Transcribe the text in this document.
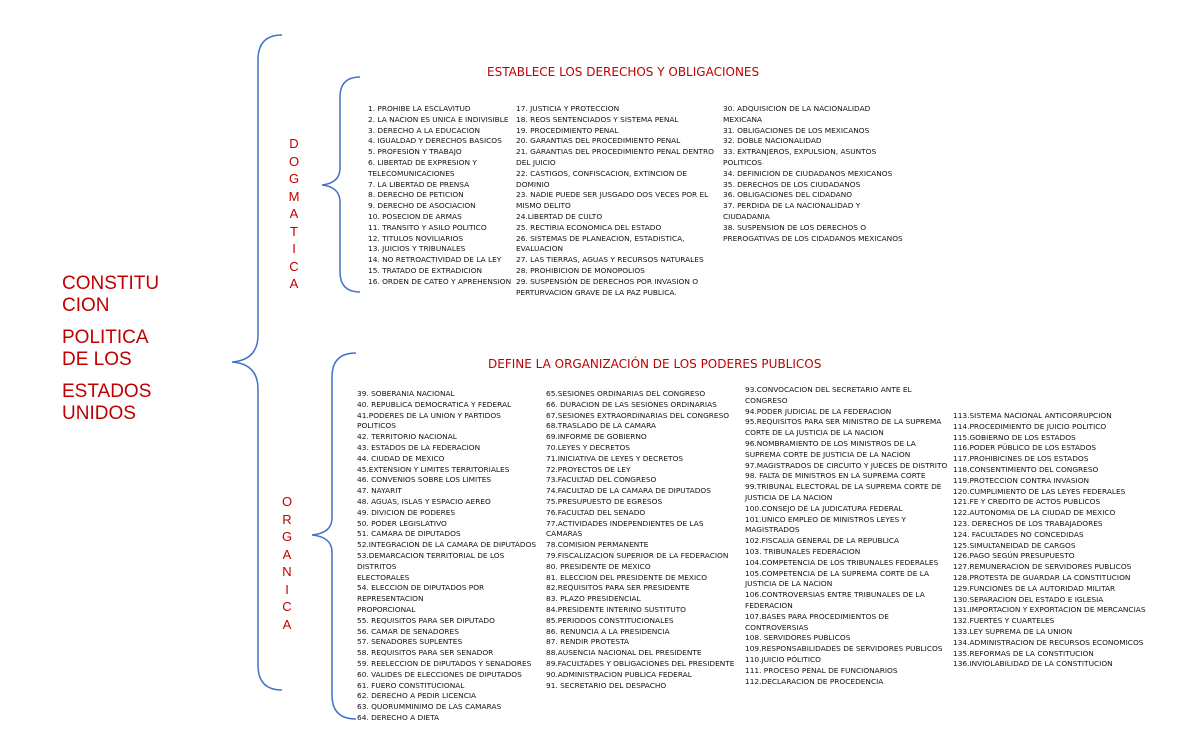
CONSTITU
CION
POLITICA
DE LOS
ESTADOS
UNIDOS
D
O
G
M
A
T
I
C
A
O
R
G
A
N
I
C
A
ESTABLECE LOS DERECHOS Y OBLIGACIONES
DEFINE LA ORGANIZACIÓN DE LOS PODERES PUBLICOS
1. PROHIBE LA ESCLAVITUD
2. LA NACION ES UNICA E INDIVISIBLE
3. DERECHO A LA EDUCACION
4. IGUALDAD Y DERECHOS BASICOS
5. PROFESION Y TRABAJO
6. LIBERTAD DE EXPRESION Y
TELECOMUNICACIONES
7. LA LIBERTAD DE PRENSA
8. DERECHO DE PETICION
9. DERECHO DE ASOCIACION
10. POSECION DE ARMAS
11. TRANSITO Y ASILO POLITICO
12. TITULOS NOVILIARIOS
13. JUICIOS Y TRIBUNALES
14. NO RETROACTIVIDAD DE LA LEY
15. TRATADO DE EXTRADICION
16. ORDEN DE CATEO Y APREHENSION
17. JUSTICIA Y PROTECCION
18. REOS SENTENCIADOS Y SISTEMA PENAL
19. PROCEDIMIENTO PENAL
20. GARANTIAS DEL PROCEDIMIENTO PENAL
21. GARANTIAS DEL PROCEDIMIENTO PENAL DENTRO
DEL JUICIO
22. CASTIGOS, CONFISCACION, EXTINCION DE DOMINIO
23. NADIE PUEDE SER JUSGADO DOS VECES POR EL
MISMO DELITO
24.LIBERTAD DE CULTO
25. RECTIRIA ECONOMICA DEL ESTADO
26. SISTEMAS DE PLANEACION, ESTADISTICA,
EVALUACION
27. LAS TIERRAS, AGUAS Y RECURSOS NATURALES
28. PROHIBICION DE MONOPOLIOS
29. SUSPENSIÓN DE DERECHOS POR INVASION O
PERTURVACION GRAVE DE LA PAZ PUBLICA.
30. ADQUISICION DE LA NACIONALIDAD MEXICANA
31. OBLIGACIONES DE LOS MEXICANOS
32. DOBLE NACIONALIDAD
33. EXTRANJEROS, EXPULSION, ASUNTOS
POLITICOS
34. DEFINICION DE CIUDADANOS MEXICANOS
35. DERECHOS DE LOS CIUDADANOS
36. OBLIGACIONES DEL CIDADANO
37. PERDIDA DE LA NACIONALIDAD Y CIUDADANIA
38. SUSPENSION DE LOS DERECHOS O
PREROGATIVAS DE LOS CIDADANOS MEXICANOS
39. SOBERANIA NACIONAL
40. REPUBLICA DEMOCRATICA Y FEDERAL
41.PODERES DE LA UNION Y PARTIDOS POLITICOS
42. TERRITORIO NACIONAL
43. ESTADOS DE LA FEDERACION
44. CIUDAD DE MEXICO
45.EXTENSION Y LIMITES TERRITORIALES
46. CONVENIOS SOBRE LOS LIMITES
47. NAYARIT
48. AGUAS, ISLAS Y ESPACIO AEREO
49. DIVICION DE PODERES
50. PODER LEGISLATIVO
51. CAMARA DE DIPUTADOS
52.INTEGRACION DE LA CAMARA DE DIPUTADOS
53.DEMARCACION TERRITORIAL DE LOS DISTRITOS
ELECTORALES
54. ELECCION DE DIPUTADOS POR REPRESENTACION
PROPORCIONAL
55. REQUISITOS PARA SER DIPUTADO
56. CAMAR DE SENADORES
57. SENADORES SUPLENTES
58. REQUISITOS PARA SER SENADOR
59. REELECCION DE DIPUTADOS Y SENADORES
60. VALIDES DE ELECCIONES DE DIPUTADOS
61. FUERO CONSTITUCIONAL
62. DERECHO A PEDIR LICENCIA
63. QUORUMMINIMO DE LAS CAMARAS
64. DERECHO A DIETA
65.SESIONES ORDINARIAS DEL CONGRESO
66. DURACION DE LAS SESIONES ORDINARIAS
67.SESIONES EXTRAORDINARIAS DEL CONGRESO
68.TRASLADO DE LA CAMARA
69.INFORME DE GOBIERNO
70.LEYES Y DECRETOS
71.INICIATIVA DE LEYES Y DECRETOS
72.PROYECTOS DE LEY
73.FACULTAD DEL CONGRESO
74.FACULTAD DE LA CAMARA DE DIPUTADOS
75.PRESUPUESTO DE EGRESOS
76.FACULTAD DEL SENADO
77.ACTIVIDADES INDEPENDIENTES DE LAS
CAMARAS
78.COMISION PERMANENTE
79.FISCALIZACION SUPERIOR DE LA FEDERACION
80. PRESIDENTE DE MEXICO
81. ELECCION DEL PRESIDENTE DE MEXICO
82.REQUISITOS PARA SER PRESIDENTE
83. PLAZO PRESIDENCIAL
84.PRESIDENTE INTERINO SUSTITUTO
85.PERIODOS CONSTITUCIONALES
86. RENUNCIA A LA PRESIDENCIA
87. RENDIR PROTESTA
88.AUSENCIA NACIONAL DEL PRESIDENTE
89.FACULTADES Y OBLIGACIONES DEL PRESIDENTE
90.ADMINISTRACION PUBLICA FEDERAL
91. SECRETARIO DEL DESPACHO
93.CONVOCACION DEL SECRETARIO ANTE EL
CONGRESO
94.PODER JUDICIAL DE LA FEDERACION
95.REQUISITOS PARA SER MINISTRO DE LA SUPREMA
CORTE DE LA JUSTICIA DE LA NACION
96.NOMBRAMIENTO DE LOS MINISTROS DE LA
SUPREMA CORTE DE JUSTICIA DE LA NACION
97.MAGISTRADOS DE CIRCUITO Y JUECES DE DISTRITO
98. FALTA DE MINISTROS EN LA SUPREMA CORTE
99.TRIBUNAL ELECTORAL DE LA SUPREMA CORTE DE
JUSTICIA DE LA NACION
100.CONSEJO DE LA JUDICATURA FEDERAL
101.UNICO EMPLEO DE MINISTROS LEYES Y
MAGISTRADOS
102.FISCALIA GENERAL DE LA REPUBLICA
103. TRIBUNALES FEDERACION
104.COMPETENCIA DE LOS TRIBUNALES FEDERALES
105.COMPETENCIA DE LA SUPREMA CORTE DE LA
JUSTICIA DE LA NACION
106.CONTROVERSIAS ENTRE TRIBUNALES DE LA
FEDERACION
107.BASES PARA PROCEDIMIENTOS DE
CONTROVERSIAS
108. SERVIDORES PUBLICOS
109.RESPONSABILIDADES DE SERVIDORES PUBLICOS
110.JUICIO PÓLITICO
111. PROCESO PENAL DE FUNCIONARIOS
112.DECLARACION DE PROCEDENCIA
113.SISTEMA NACIONAL ANTICORRUPCION
114.PROCEDIMIENTO DE JUICIO POLITICO
115.GOBIERNO DE LOS ESTADOS
116.PODER PÚBLICO DE LOS ESTADOS
117.PROHIBICINES DE LOS ESTADOS
118.CONSENTIMIENTO DEL CONGRESO
119.PROTECCION CONTRA INVASION
120.CUMPLIMIENTO DE LAS LEYES FEDERALES
121.FE Y CREDITO DE ACTOS PUBLICOS
122.AUTONOMIA DE LA CIUDAD DE MEXICO
123. DERECHOS DE LOS TRABAJADORES
124. FACULTADES NO CONCEDIDAS
125.SIMULTANEIDAD DE CARGOS
126.PAGO SEGÚN PRESUPUESTO
127.REMUNERACION DE SERVIDORES PUBLICOS
128.PROTESTA DE GUARDAR LA CONSTITUCION
129.FUNCIONES DE LA AUTORIDAD MILITAR
130.SEPARACION DEL ESTADO E IGLESIA
131.IMPORTACION Y EXPORTACION DE MERCANCIAS
132.FUERTES Y CUARTELES
133.LEY SUPREMA DE LA UNION
134.ADMINISTRACION DE RECURSOS ECONOMICOS
135.REFORMAS DE LA CONSTITUCION
136.INVIOLABILIDAD DE LA CONSTITUCION
